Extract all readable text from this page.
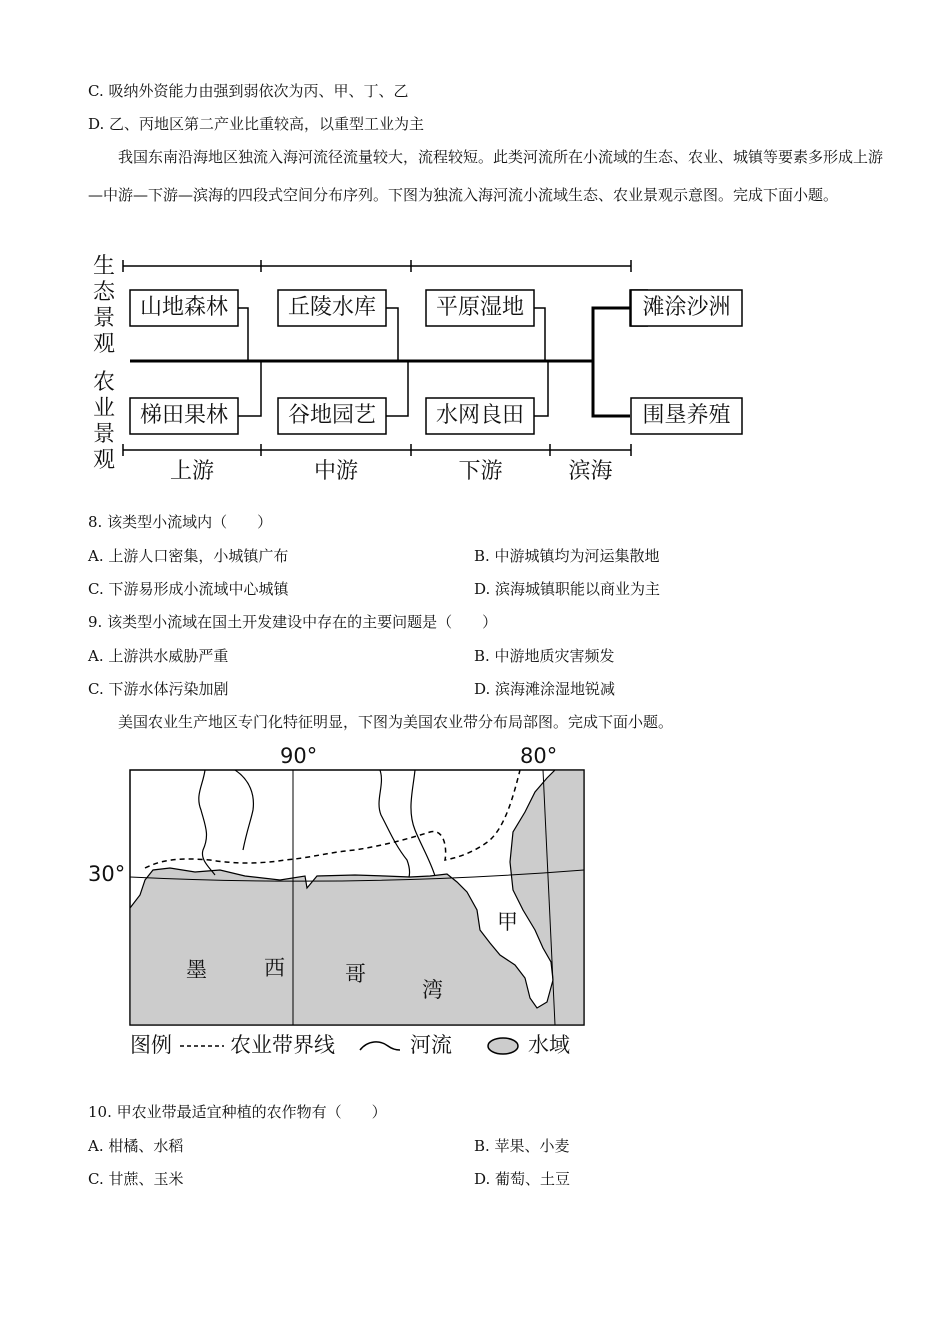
C. 吸纳外资能力由强到弱依次为丙、甲、丁、乙
D. 乙、丙地区第二产业比重较高，以重型工业为主
我国东南沿海地区独流入海河流径流量较大，流程较短。此类河流所在小流域的生态、农业、城镇等要素多形成上游—中游—下游—滨海的四段式空间分布序列。下图为独流入海河流小流域生态、农业景观示意图。完成下面小题。
生
态
景
观
农
业
景
观
山地森林	丘陵水库	平原湿地	滩涂沙洲
梯田果林	谷地园艺	水网良田	围垦养殖
上游	中游	下游	滨海
8. 该类型小流域内（　　）
A. 上游人口密集，小城镇广布	B. 中游城镇均为河运集散地
C. 下游易形成小流域中心城镇	D. 滨海城镇职能以商业为主
9. 该类型小流域在国土开发建设中存在的主要问题是（　　）
A. 上游洪水威胁严重	B. 中游地质灾害频发
C. 下游水体污染加剧	D. 滨海滩涂湿地锐减
美国农业生产地区专门化特征明显，下图为美国农业带分布局部图。完成下面小题。
90°	80°
30°
甲
墨	西	哥
湾
图例	农业带界线	河流	水域
10. 甲农业带最适宜种植的农作物有（　　）
A. 柑橘、水稻	B. 苹果、小麦
C. 甘蔗、玉米	D. 葡萄、土豆
